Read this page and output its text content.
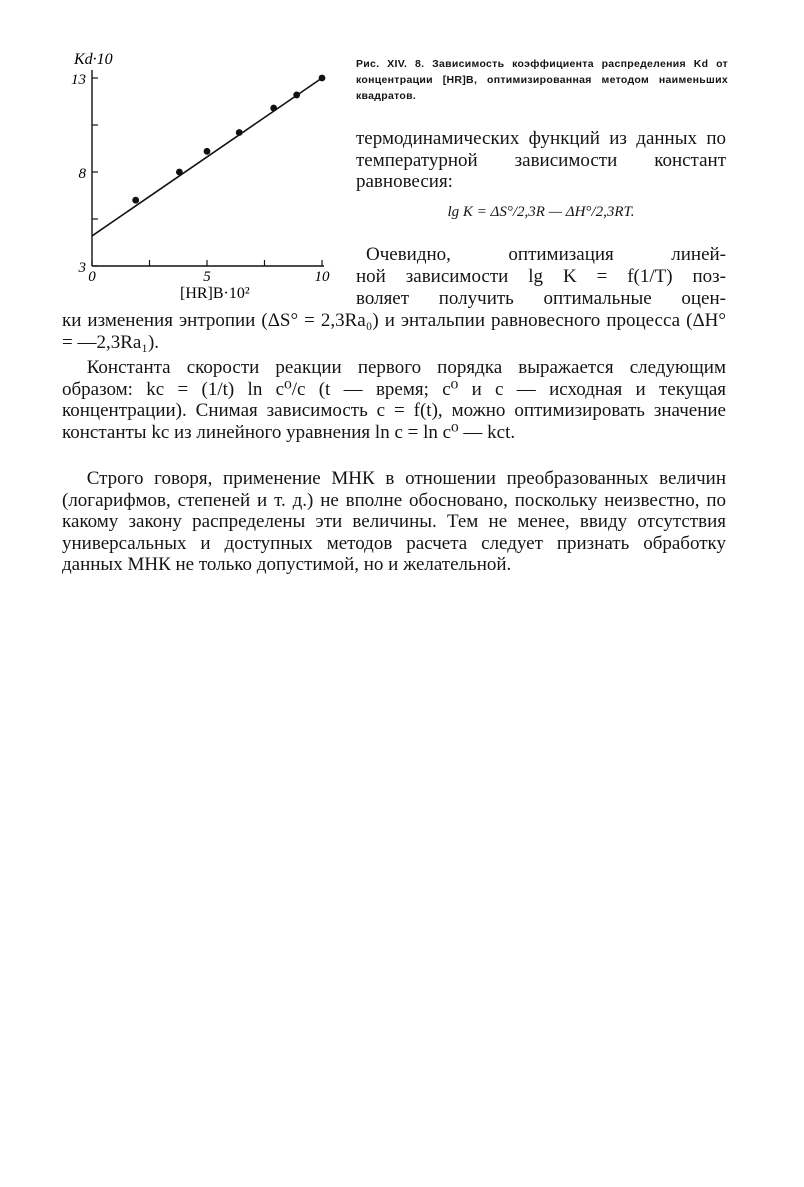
3
8
13
0	5	10
Kd·10
[HR]B·10²
Рис. XIV. 8. Зависимость коэффициента распределения Kd от концентрации [HR]B, оптимизированная методом наименьших квадратов.
термодинамических функций из данных по температурной зависимости констант равновесия:
lg K = ΔS°/2,3R — ΔH°/2,3RT.
Очевидно, оптимизация линей-
ной зависимости lg K = f(1/T) поз-
воляет получить оптимальные оцен-
ки изменения энтропии (ΔS° = 2,3Ra₀) и энтальпии равновесного процесса (ΔH° = —2,3Ra₁).
Константа скорости реакции первого порядка выражается следующим образом: kc = (1/t) ln c⁰/c (t — время; c⁰ и c — исходная и текущая концентрации). Снимая зависимость c = f(t), можно оптимизировать значение константы kc из линейного уравнения ln c = ln c⁰ — kct.
Строго говоря, применение МНК в отношении преобразованных величин (логарифмов, степеней и т. д.) не вполне обосновано, поскольку неизвестно, по какому закону распределены эти величины. Тем не менее, ввиду отсутствия универсальных и доступных методов расчета следует признать обработку данных МНК не только допустимой, но и желательной.
